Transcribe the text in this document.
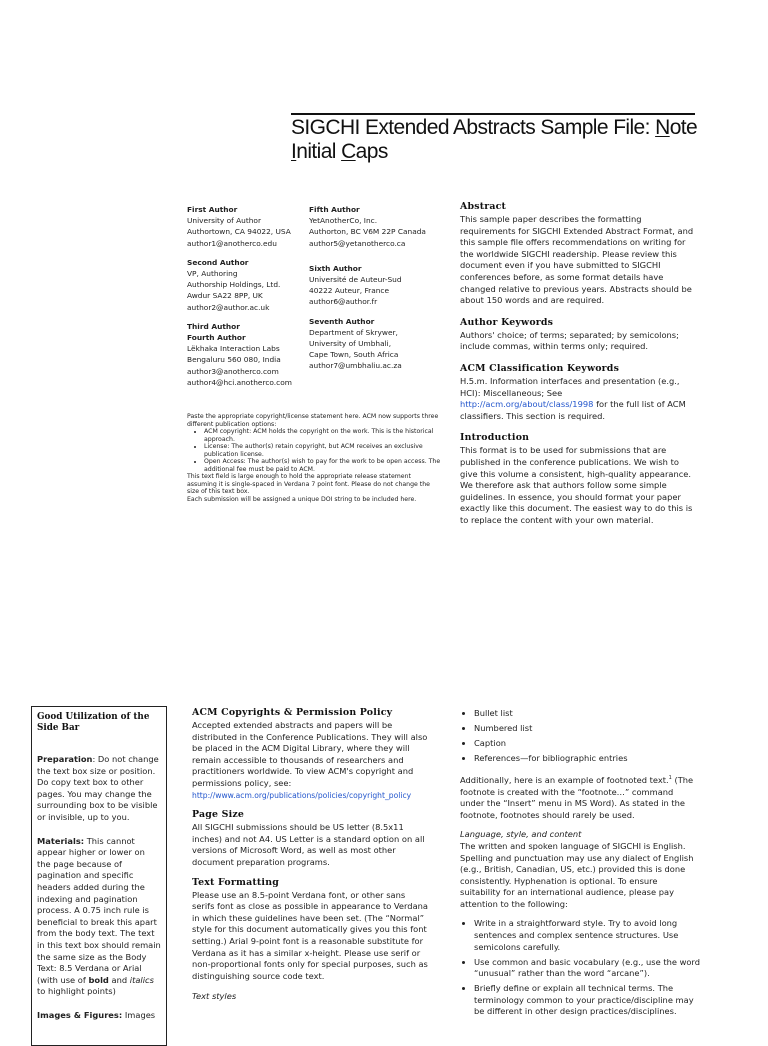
SIGCHI Extended Abstracts Sample File: Note Initial Caps
First Author
University of Author
Authortown, CA 94022, USA
author1@anotherco.edu
Second Author
VP, Authoring
Authorship Holdings, Ltd.
Awdur SA22 8PP, UK
author2@author.ac.uk
Third Author
Fourth Author
Lëkhaka Interaction Labs
Bengaluru 560 080, India
author3@anotherco.com
author4@hci.anotherco.com
Fifth Author
YetAnotherCo, Inc.
Authorton, BC V6M 22P Canada
author5@yetanotherco.ca
Sixth Author
Université de Auteur-Sud
40222 Auteur, France
author6@author.fr
Seventh Author
Department of Skrywer,
University of Umbhali,
Cape Town, South Africa
author7@umbhaliu.ac.za
Paste the appropriate copyright/license statement here. ACM now supports three different publication options:
• ACM copyright: ACM holds the copyright on the work. This is the historical approach.
• License: The author(s) retain copyright, but ACM receives an exclusive publication license.
• Open Access: The author(s) wish to pay for the work to be open access. The additional fee must be paid to ACM.
This text field is large enough to hold the appropriate release statement assuming it is single-spaced in Verdana 7 point font. Please do not change the size of this text box.
Each submission will be assigned a unique DOI string to be included here.
Abstract

This sample paper describes the formatting requirements for SIGCHI Extended Abstract Format, and this sample file offers recommendations on writing for the worldwide SIGCHI readership. Please review this document even if you have submitted to SIGCHI conferences before, as some format details have changed relative to previous years. Abstracts should be about 150 words and are required.

Author Keywords

Authors' choice; of terms; separated; by semicolons; include commas, within terms only; required.

ACM Classification Keywords

H.5.m. Information interfaces and presentation (e.g., HCI): Miscellaneous; See http://acm.org/about/class/1998 for the full list of ACM classifiers. This section is required.

Introduction

This format is to be used for submissions that are published in the conference publications. We wish to give this volume a consistent, high-quality appearance. We therefore ask that authors follow some simple guidelines. In essence, you should format your paper exactly like this document. The easiest way to do this is to replace the content with your own material.

Good Utilization of the Side Bar

Preparation: Do not change the text box size or position. Do copy text box to other pages. You may change the surrounding box to be visible or invisible, up to you.

Materials: This cannot appear higher or lower on the page because of pagination and specific headers added during the indexing and pagination process. A 0.75 inch rule is beneficial to break this apart from the body text. The text in this text box should remain the same size as the Body Text: 8.5 Verdana or Arial (with use of bold and italics to highlight points)

Images & Figures: Images

ACM Copyrights & Permission Policy

Accepted extended abstracts and papers will be distributed in the Conference Publications. They will also be placed in the ACM Digital Library, where they will remain accessible to thousands of researchers and practitioners worldwide. To view ACM's copyright and permissions policy, see:

http://www.acm.org/publications/policies/copyright_policy

Page Size

All SIGCHI submissions should be US letter (8.5x11 inches) and not A4. US Letter is a standard option on all versions of Microsoft Word, as well as most other document preparation programs.

Text Formatting

Please use an 8.5-point Verdana font, or other sans serifs font as close as possible in appearance to Verdana in which these guidelines have been set. (The “Normal” style for this document automatically gives you this font setting.) Arial 9-point font is a reasonable substitute for Verdana as it has a similar x-height. Please use serif or non-proportional fonts only for special purposes, such as distinguishing source code text.

Text styles

• Bullet list
• Numbered list
• Caption
• References—for bibliographic entries

Additionally, here is an example of footnoted text.$^1$ (The footnote is created with the “footnote…” command under the “Insert” menu in MS Word). As stated in the footnote, footnotes should rarely be used.

Language, style, and content

The written and spoken language of SIGCHI is English. Spelling and punctuation may use any dialect of English (e.g., British, Canadian, US, etc.) provided this is done consistently. Hyphenation is optional. To ensure suitability for an international audience, please pay attention to the following:

• Write in a straightforward style. Try to avoid long sentences and complex sentence structures. Use semicolons carefully.
• Use common and basic vocabulary (e.g., use the word “unusual” rather than the word “arcane”).
• Briefly define or explain all technical terms. The terminology common to your practice/discipline may be different in other design practices/disciplines.
